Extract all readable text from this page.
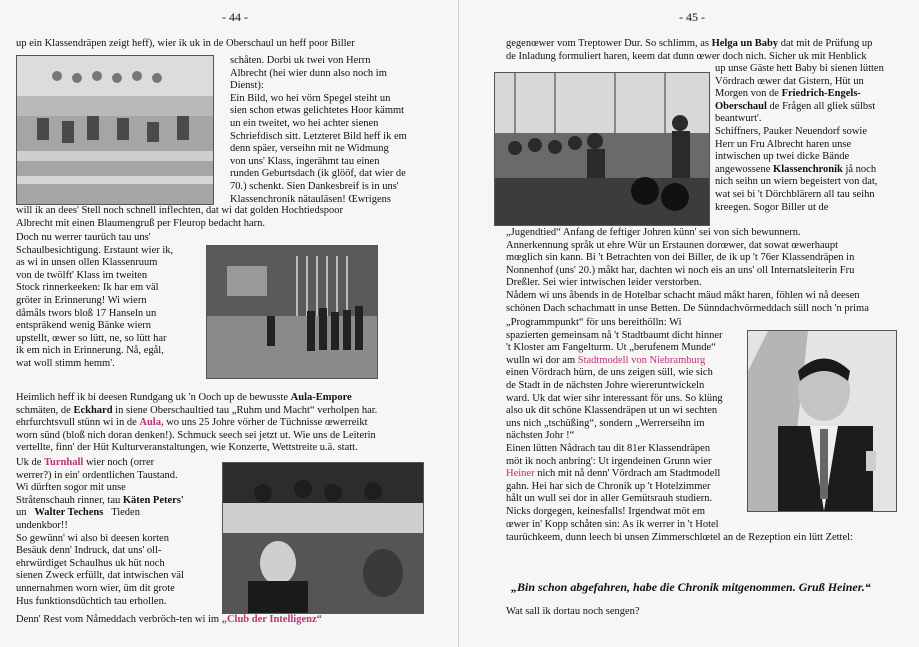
- 44 -
up ein Klassendräpen zeigt heff), wier ik uk in de Oberschaul un heff poor Biller
schåten. Dorbi uk twei von Herrn
Albrecht (hei wier dunn also noch im
Dienst):
Ein Bild, wo hei vörn Spegel steiht un
sien schon etwas gelichtetes Hoor kämmt
un ein tweitet, wo hei achter sienen
Schriefdisch sitt. Letzteret Bild heff ik em
denn späer, verseihn mit ne Widmung
von uns' Klass, ingerähmt tau einen
runden Geburtsdach (ik glööf, dat wier de
70.) schenkt. Sien Dankesbreif is in uns'
Klassenchronik nätauläsen! Œwrigens
will ik an dees' Stell noch schnell inflechten, dat wi dat golden Hochtiedspoor
Albrecht mit einen Blaumengruß per Fleurop bedacht harn.
Doch nu werrer taurüch tau uns'
Schaulbesichtigung. Erstaunt wier ik,
as wi in unsen ollen Klassenruum
von de twölft' Klass im tweiten
Stock rinnerkeeken: Ik har em väl
gröter in Erinnerung! Wi wiern
dåmåls twors bloß 17 Hanseln un
entspräkend wenig Bänke wiern
upstellt, œwer so lütt, ne, so lütt har
ik em nich in Erinnerung. Nå, egål,
wat woll stimm hemm'.
Heimlich heff ik bi deesen Rundgang uk 'n Ooch up de bewusste Aula-Empore
schmäten, de Eckhard in siene Oberschaultied tau „Ruhm und Macht“ verholpen har.
ehrfurchtsvull stünn wi in de Aula, wo uns 25 Johre vörher de Tüchnisse œwerreikt
worn sünd (bloß nich doran denken!). Schmuck seech sei jetzt ut. Wie uns de Leiterin
vertellte, finn' der Hüt Kulturveranstaltungen, wie Konzerte, Wettstreite u.ä. statt.
Uk de Turnhall wier noch (orrer
werrer?) in ein' ordentlichen Taustand.
Wi dürften sogor mit unse
Stråtenschauh rinner, tau Käten Peters'
un Walter Techens Tieden
undenkbor!!
So gewünn' wi also bi deesen korten
Besäuk denn' Indruck, dat uns' oll-
ehrwürdiget Schaulhus uk hüt noch
sienen Zweck erfüllt, dat intwischen väl
unnernahmen worn wier, üm dit grote
Hus funktionsdüchtich tau erhollen.
Denn' Rest vom Nåmeddach verbröch-ten wi im „Club der Intelligenz“
- 45 -
gegenœwer vom Treptower Dur. So schlimm, as Helga un Baby dat mit de Prüfung up
de Inladung formuliert haren, keem dat dunn œwer doch nich. Sicher uk mit Henblick
up unse Gäste hett Baby bi sienen lütten
Vördrach œwer dat Gistern, Hüt un
Morgen von de Friedrich-Engels-
Oberschaul de Frågen all gliek sülbst
beantwurt'.
Schiffners, Pauker Neuendorf sowie
Herr un Fru Albrecht haren unse
intwischen up twei dicke Bände
angewossene Klassenchronik jå noch
nich seihn un wiern begeistert von dat,
wat sei bi 't Dörchblärern all tau seihn
kreegen. Sogor Biller ut de
„Jugendtied“ Anfang de feftiger Johren künn' sei von sich bewunnern.
Annerkennung språk ut ehre Wür un Erstaunen dorœwer, dat sowat œwerhaupt
mœglich sin kann. Bi 't Betrachten von dei Biller, de ik up 't 76er Klassendräpen in
Nonnenhof (uns' 20.) måkt har, dachten wi noch eis an uns' oll Internatsleiterin Fru
Dreßler. Sei wier intwischen leider verstorben.
Nådem wi uns åbends in de Hotelbar schacht mäud måkt haren, föhlen wi nå deesen
schönen Dach schachmatt in unse Betten. De Sünndachvörmeddach süll noch 'n prima
„Programmpunkt“ för uns bereithölln: Wi
spazierten gemeinsam nå 't Stadtbaumt dicht hinner
't Kloster am Fangelturm. Ut „berufenem Munde“
wulln wi dor am Stadtmodell von Niebramburg
einen Vördrach hürn, de uns zeigen süll, wie sich
de Stadt in de nächsten Johre wiereruntwickeln
ward. Uk dat wier sihr interessant för uns. So klüng
also uk dit schöne Klassendräpen ut un wi sechten
uns nich „tschüßing“, sondern „Werrerseihn im
nächsten Johr !“
Einen lütten Nådrach tau dit 81er Klassendräpen
möt ik noch anbring': Ut irgendeinen Grunn wier
Heiner nich mit nå denn' Vördrach am Stadtmodell
gahn. Hei har sich de Chronik up 't Hotelzimmer
hålt un wull sei dor in aller Gemütsrauh studiern.
Nicks dorgegen, keinesfalls! Irgendwat möt em
œwer in' Kopp schåten sin: As ik werrer in 't Hotel
taurüchkeem, dunn leech bi unsen Zimmerschlœtel an de Rezeption ein lütt Zettel:
„Bin schon abgefahren, habe die Chronik mitgenommen. Gruß Heiner.“
Wat sall ik dortau noch sengen?
